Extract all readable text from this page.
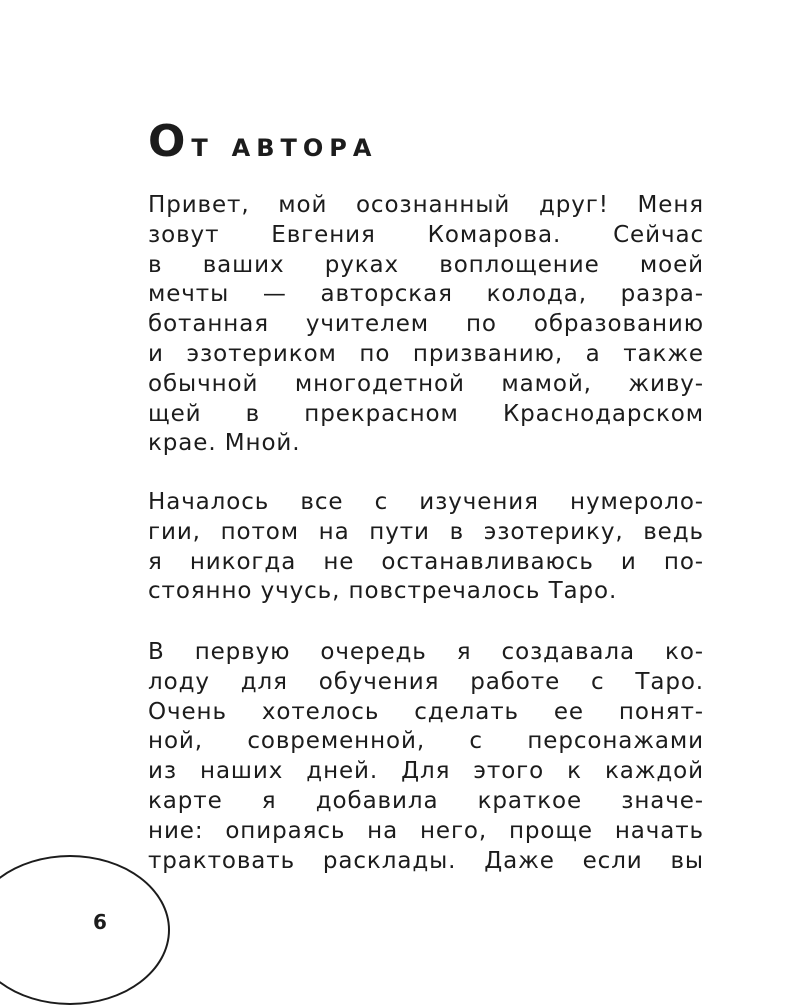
От автора
Привет, мой осознанный друг! Меня
зовут Евгения Комарова. Сейчас
в ваших руках воплощение моей
мечты — авторская колода, разра-
ботанная учителем по образованию
и эзотериком по призванию, а также
обычной многодетной мамой, живу-
щей в прекрасном Краснодарском
крае. Мной.
Началось все с изучения нумероло-
гии, потом на пути в эзотерику, ведь
я никогда не останавливаюсь и по-
стоянно учусь, повстречалось Таро.
В первую очередь я создавала ко-
лоду для обучения работе с Таро.
Очень хотелось сделать ее понят-
ной, современной, с персонажами
из наших дней. Для этого к каждой
карте я добавила краткое значе-
ние: опираясь на него, проще начать
трактовать расклады. Даже если вы
6
